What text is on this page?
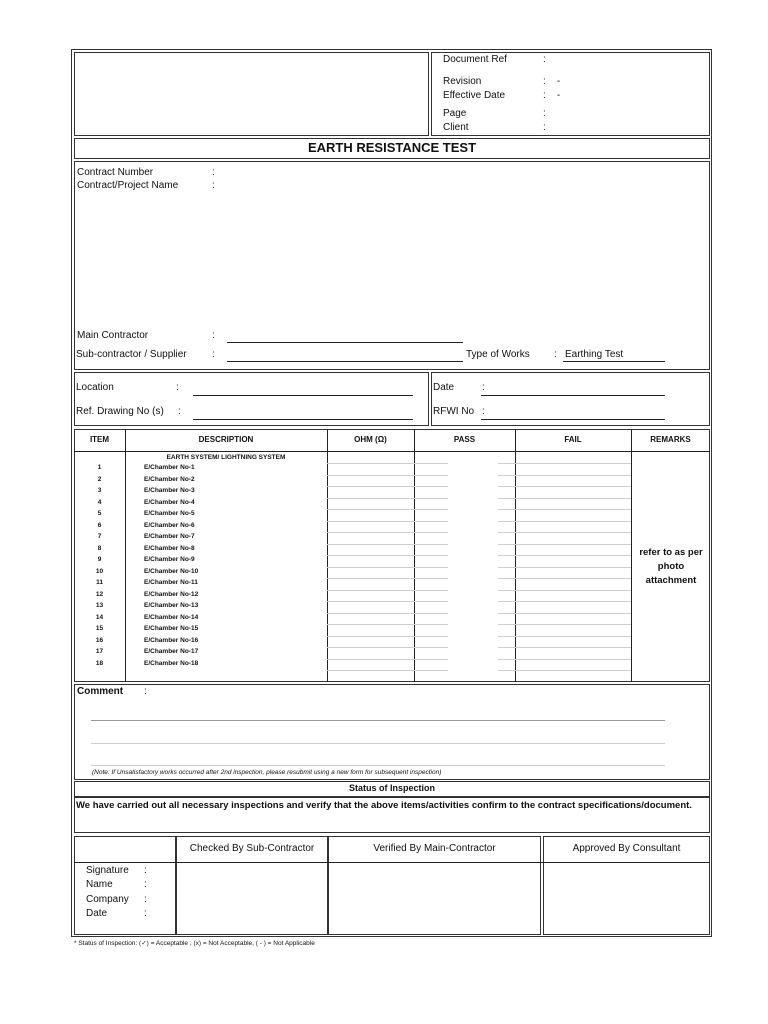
Document Ref	:
Revision	:    -
Effective Date	:    -
Page	:
Client	:
EARTH RESISTANCE TEST
Contract Number	:
Contract/Project Name	:
Main Contractor	:
Sub-contractor / Supplier	:	Type of Works : Earthing Test
Location	:
Ref. Drawing No (s) :
Date	:
RFWI No :
ITEM	DESCRIPTION	OHM (Ω)	PASS	FAIL	REMARKS
EARTH SYSTEM/ LIGHTNING SYSTEM
1	E/Chamber No-1
2	E/Chamber No-2
3	E/Chamber No-3
4	E/Chamber No-4
5	E/Chamber No-5
6	E/Chamber No-6
7	E/Chamber No-7
8	E/Chamber No-8
9	E/Chamber No-9
10	E/Chamber No-10
11	E/Chamber No-11
12	E/Chamber No-12
13	E/Chamber No-13
14	E/Chamber No-14
15	E/Chamber No-15
16	E/Chamber No-16
17	E/Chamber No-17
18	E/Chamber No-18
refer to as per photo attachment
Comment :
(Note: If Unsatisfactory works occurred after 2nd inspection, please resubmit using a new form for subsequent inspection)
Status of Inspection
We have carried out all necessary inspections and verify that the above items/activities confirm to the contract specifications/document.
Checked By Sub-Contractor	Verified By Main-Contractor	Approved By Consultant
Signature :
Name	:
Company :
Date	:
* Status of Inspection: (✓) = Acceptable , (x) = Not Acceptable, ( - ) = Not Applicable
